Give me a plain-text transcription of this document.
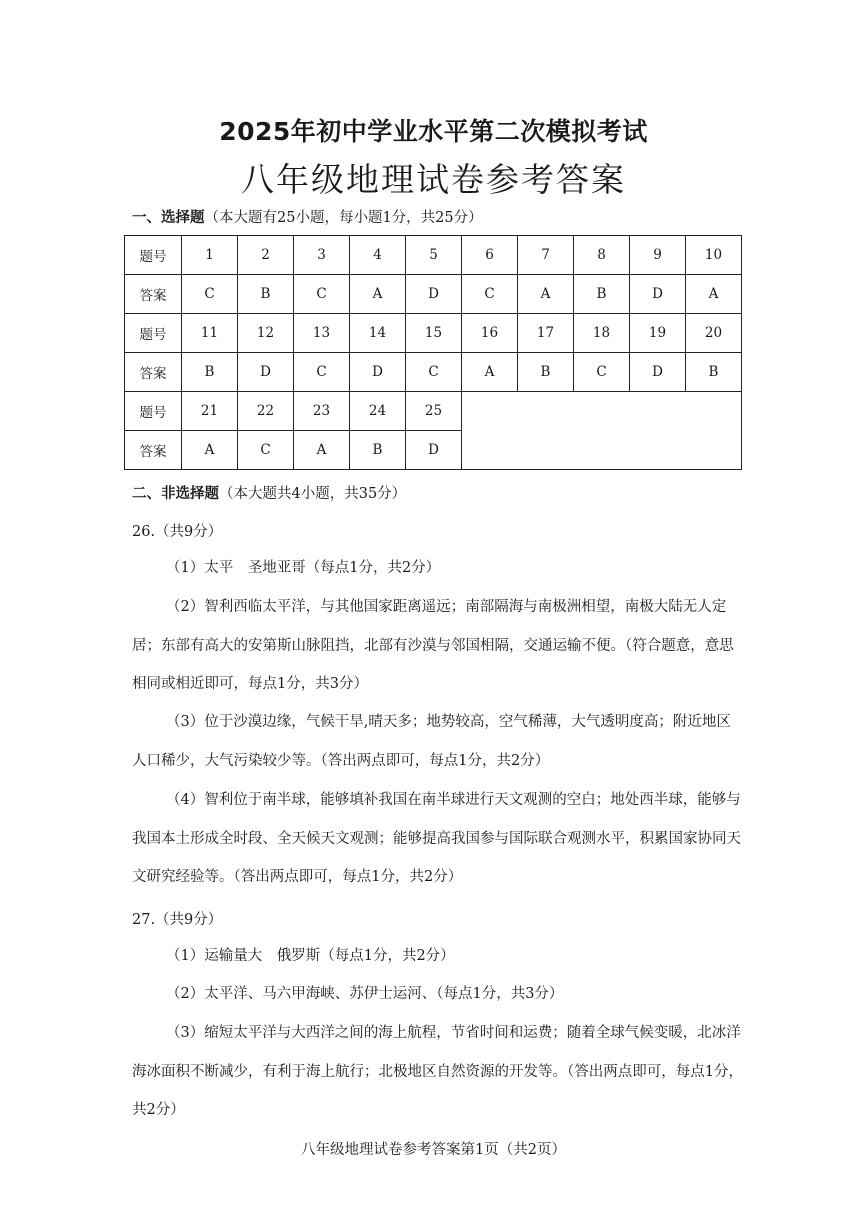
2025年初中学业水平第二次模拟考试
八年级地理试卷参考答案
一、选择题（本大题有25小题，每小题1分，共25分）
题号	1	2	3	4	5	6	7	8	9	10
答案	C	B	C	A	D	C	A	B	D	A
题号	11	12	13	14	15	16	17	18	19	20
答案	B	D	C	D	C	A	B	C	D	B
题号	21	22	23	24	25					
答案	A	C	A	B	D					
二、非选择题（本大题共4小题，共35分）
26.（共9分）
（1）太平　圣地亚哥（每点1分，共2分）
（2）智利西临太平洋，与其他国家距离遥远；南部隔海与南极洲相望，南极大陆无人定居；东部有高大的安第斯山脉阻挡，北部有沙漠与邻国相隔，交通运输不便。（符合题意，意思相同或相近即可，每点1分，共3分）
（3）位于沙漠边缘，气候干旱,晴天多；地势较高，空气稀薄，大气透明度高；附近地区人口稀少，大气污染较少等。（答出两点即可，每点1分，共2分）
（4）智利位于南半球，能够填补我国在南半球进行天文观测的空白；地处西半球，能够与我国本土形成全时段、全天候天文观测；能够提高我国参与国际联合观测水平，积累国家协同天文研究经验等。（答出两点即可，每点1分，共2分）
27.（共9分）
（1）运输量大　俄罗斯（每点1分，共2分）
（2）太平洋、马六甲海峡、苏伊士运河、（每点1分，共3分）
（3）缩短太平洋与大西洋之间的海上航程，节省时间和运费；随着全球气候变暖，北冰洋海冰面积不断减少，有利于海上航行；北极地区自然资源的开发等。（答出两点即可，每点1分，共2分）
八年级地理试卷参考答案第1页（共2页）
